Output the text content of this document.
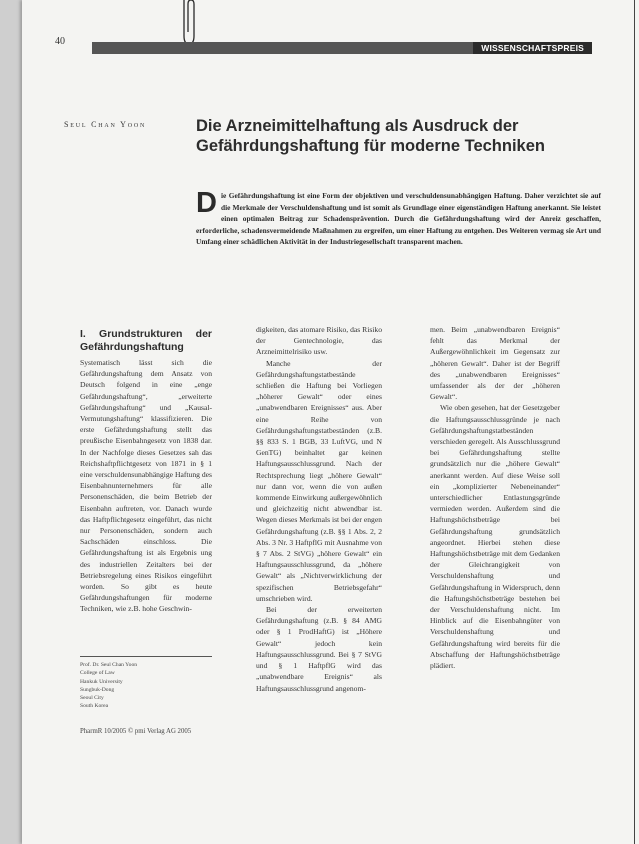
40
WISSENSCHAFTSPREIS
Seul Chan Yoon	Die Arzneimittelhaftung als Ausdruck der Gefährdungshaftung für moderne Techniken
D ie Gefährdungshaftung ist eine Form der objektiven und verschuldensunabhängigen Haftung. Daher verzichtet sie auf die Merkmale der Verschuldenshaftung und ist somit als Grundlage einer eigenständigen Haftung anerkannt. Sie leistet einen optimalen Beitrag zur Schadensprävention. Durch die Gefährdungshaftung wird der Anreiz geschaffen, erforderliche, schadensvermeidende Maßnahmen zu ergreifen, um einer Haftung zu entgehen. Des Weiteren vermag sie Art und Umfang einer schädlichen Aktivität in der Industriegesellschaft transparent machen.
I. Grundstrukturen der Gefährdungshaftung
Systematisch lässt sich die Gefährdungshaftung dem Ansatz von Deutsch folgend in eine „enge Gefährdungshaftung“, „erweiterte Gefährdungshaftung“ und „Kausal-Vermutungshaftung“ klassifizieren. Die erste Gefährdungshaftung stellt das preußische Eisenbahngesetz von 1838 dar. In der Nachfolge dieses Gesetzes sah das Reichshaftpflichtgesetz von 1871 in § 1 eine verschuldensunabhängige Haftung des Eisenbahnunternehmers für alle Personenschäden, die beim Betrieb der Eisenbahn auftreten, vor. Danach wurde das Haftpflichtgesetz eingeführt, das nicht nur Personenschäden, sondern auch Sachschäden einschloss. Die Gefährdungshaftung ist als Ergebnis ung des industriellen Zeitalters bei der Betriebsregelung eines Risikos eingeführt worden. So gibt es heute Gefährdungshaftungen für moderne Techniken, wie z.B. hohe Geschwin-
digkeiten, das atomare Risiko, das Risiko der Gentechnologie, das Arzneimittelrisiko usw.
Manche der Gefährdungshaftungstatbestände schließen die Haftung bei Vorliegen „höherer Gewalt“ oder eines „unabwendbaren Ereignisses“ aus. Aber eine Reihe von Gefährdungshaftungstatbeständen (z.B. §§ 833 S. 1 BGB, 33 LuftVG, und N GenTG) beinhaltet gar keinen Haftungsausschlussgrund. Nach der Rechtsprechung liegt „höhere Gewalt“ nur dann vor, wenn die von außen kommende Einwirkung außergewöhnlich und gleichzeitig nicht abwendbar ist. Wegen dieses Merkmals ist bei der engen Gefährdungshaftung (z.B. §§ 1 Abs. 2, 2 Abs. 3 Nr. 3 HaftpflG mit Ausnahme von § 7 Abs. 2 StVG) „höhere Gewalt“ ein Haftungsausschlussgrund, da „höhere Gewalt“ als „Nichtverwirklichung der spezifischen Betriebsgefahr“ umschrieben wird.
Bei der erweiterten Gefährdungshaftung (z.B. § 84 AMG oder § 1 ProdHaftG) ist „Höhere Gewalt“ jedoch kein Haftungsausschlussgrund. Bei § 7 StVG und § 1 HaftpflG wird das „unabwendbare Ereignis“ als Haftungsausschlussgrund angenom-
men. Beim „unabwendbaren Ereignis“ fehlt das Merkmal der Außergewöhnlichkeit im Gegensatz zur „höheren Gewalt“. Daher ist der Begriff des „unabwendbaren Ereignisses“ umfassender als der der „höheren Gewalt“.
Wie oben gesehen, hat der Gesetzgeber die Haftungsausschlussgründe je nach Gefährdungshaftungstatbeständen verschieden geregelt. Als Ausschlussgrund bei Gefährdungshaftung stellte grundsätzlich nur die „höhere Gewalt“ anerkannt werden. Auf diese Weise soll ein „komplizierter Nebeneinander“ unterschiedlicher Entlastungsgründe vermieden werden. Außerdem sind die Haftungshöchstbeträge bei Gefährdungshaftung grundsätzlich angeordnet. Hierbei stehen diese Haftungshöchstbeträge mit dem Gedanken der Gleichrangigkeit von Verschuldenshaftung und Gefährdungshaftung in Widerspruch, denn die Haftungshöchstbeträge bestehen bei der Verschuldenshaftung nicht. Im Hinblick auf die Eisenbahngüter von Verschuldenshaftung und Gefährdungshaftung wird bereits für die Abschaffung der Haftungshöchstbeträge plädiert.
Prof. Dr. Seul Chan Yoon
College of Law
Hankuk University
Sungbuk-Dong
Seoul City
South Korea
PharmR 10/2005 © pmi Verlag AG 2005
